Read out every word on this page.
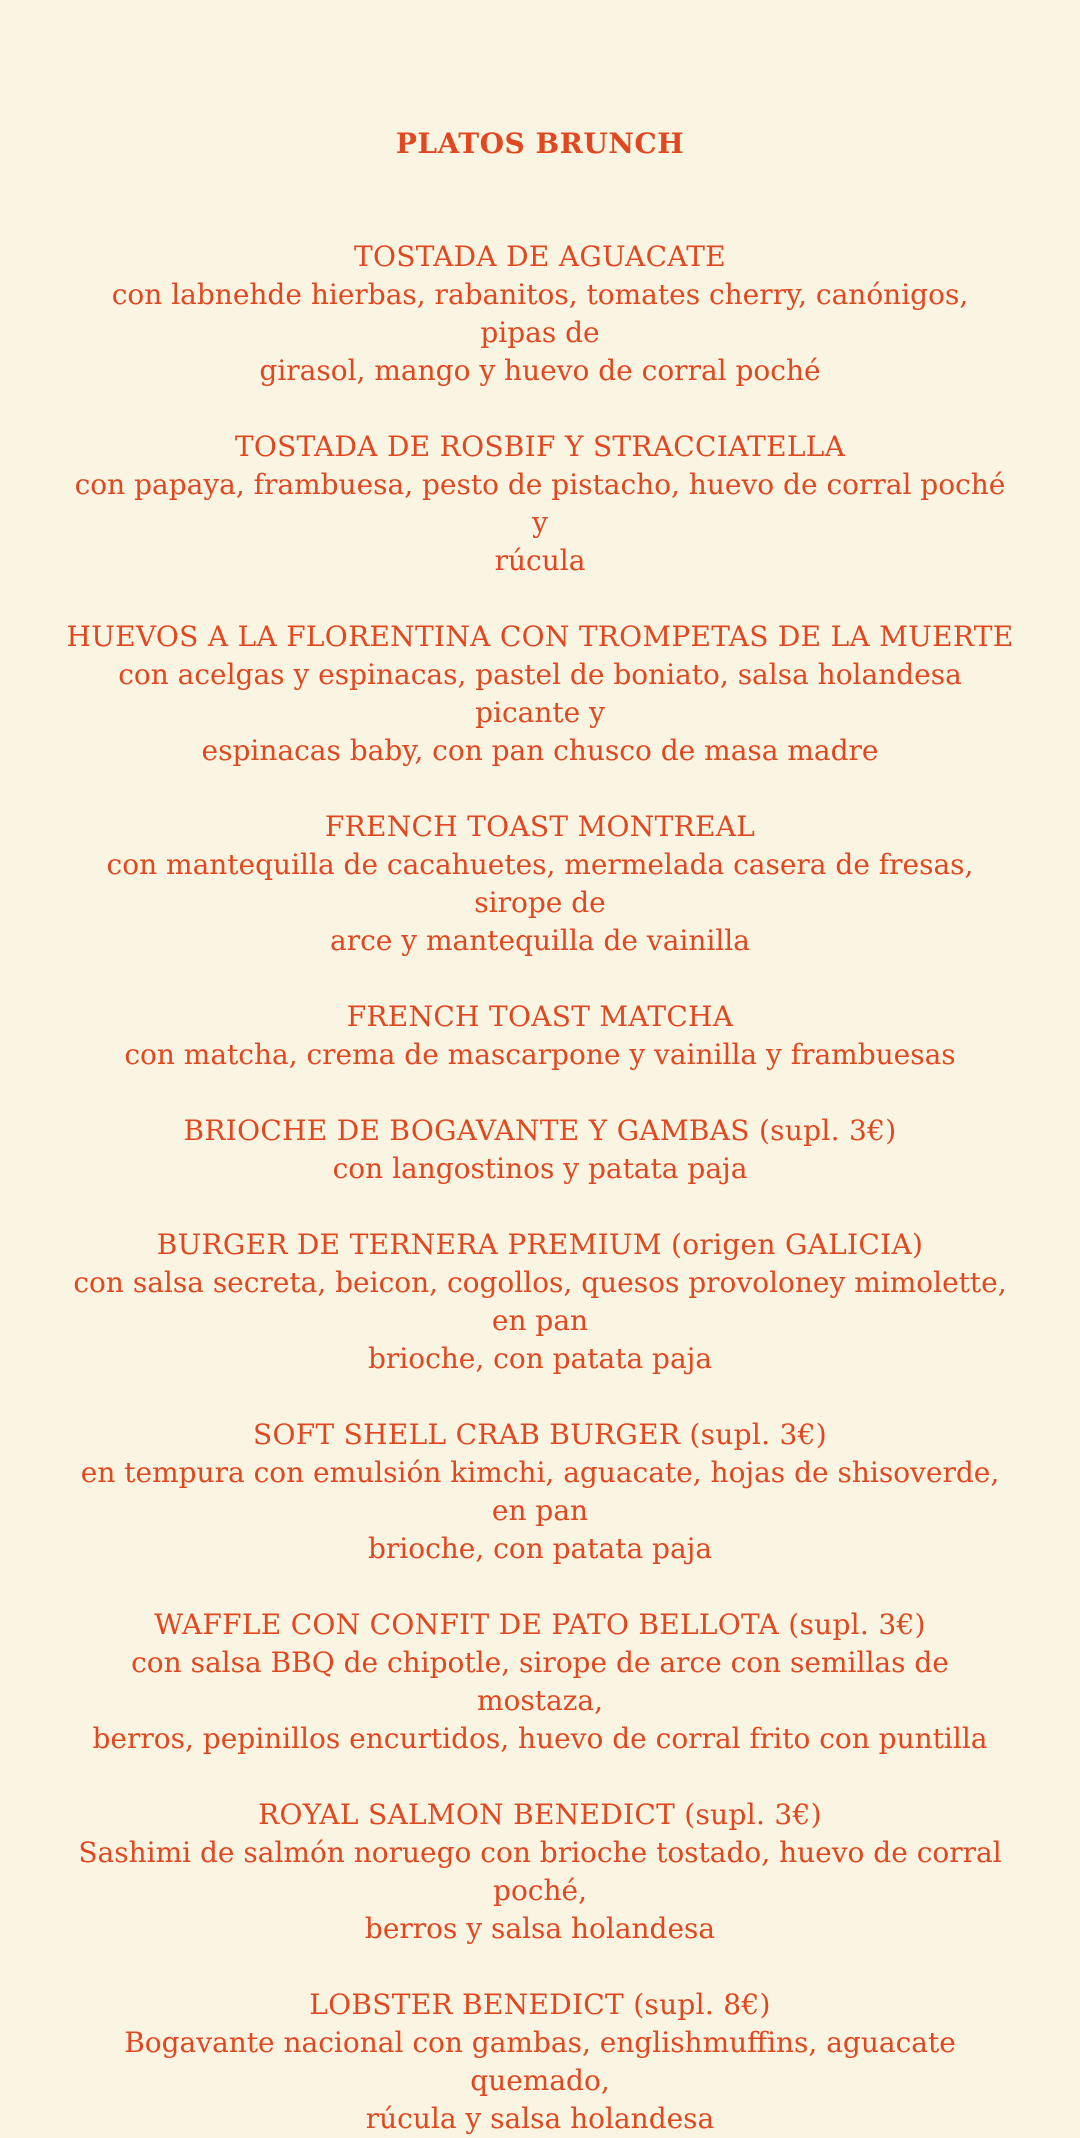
PLATOS BRUNCH
TOSTADA DE AGUACATE
con labnehde hierbas, rabanitos, tomates cherry, canónigos, pipas de
girasol, mango y huevo de corral poché
TOSTADA DE ROSBIF Y STRACCIATELLA
con papaya, frambuesa, pesto de pistacho, huevo de corral poché y
rúcula
HUEVOS A LA FLORENTINA CON TROMPETAS DE LA MUERTE
con acelgas y espinacas, pastel de boniato, salsa holandesa picante y
espinacas baby, con pan chusco de masa madre
FRENCH TOAST MONTREAL
con mantequilla de cacahuetes, mermelada casera de fresas, sirope de
arce y mantequilla de vainilla
FRENCH TOAST MATCHA
con matcha, crema de mascarpone y vainilla y frambuesas
BRIOCHE DE BOGAVANTE Y GAMBAS (supl. 3€)
con langostinos y patata paja
BURGER DE TERNERA PREMIUM (origen GALICIA)
con salsa secreta, beicon, cogollos, quesos provoloney mimolette, en pan
brioche, con patata paja
SOFT SHELL CRAB BURGER (supl. 3€)
en tempura con emulsión kimchi, aguacate, hojas de shisoverde, en pan
brioche, con patata paja
WAFFLE CON CONFIT DE PATO BELLOTA (supl. 3€)
con salsa BBQ de chipotle, sirope de arce con semillas de mostaza,
berros, pepinillos encurtidos, huevo de corral frito con puntilla
ROYAL SALMON BENEDICT (supl. 3€)
Sashimi de salmón noruego con brioche tostado, huevo de corral poché,
berros y salsa holandesa
LOBSTER BENEDICT (supl. 8€)
Bogavante nacional con gambas, englishmuffins, aguacate quemado,
rúcula y salsa holandesa
